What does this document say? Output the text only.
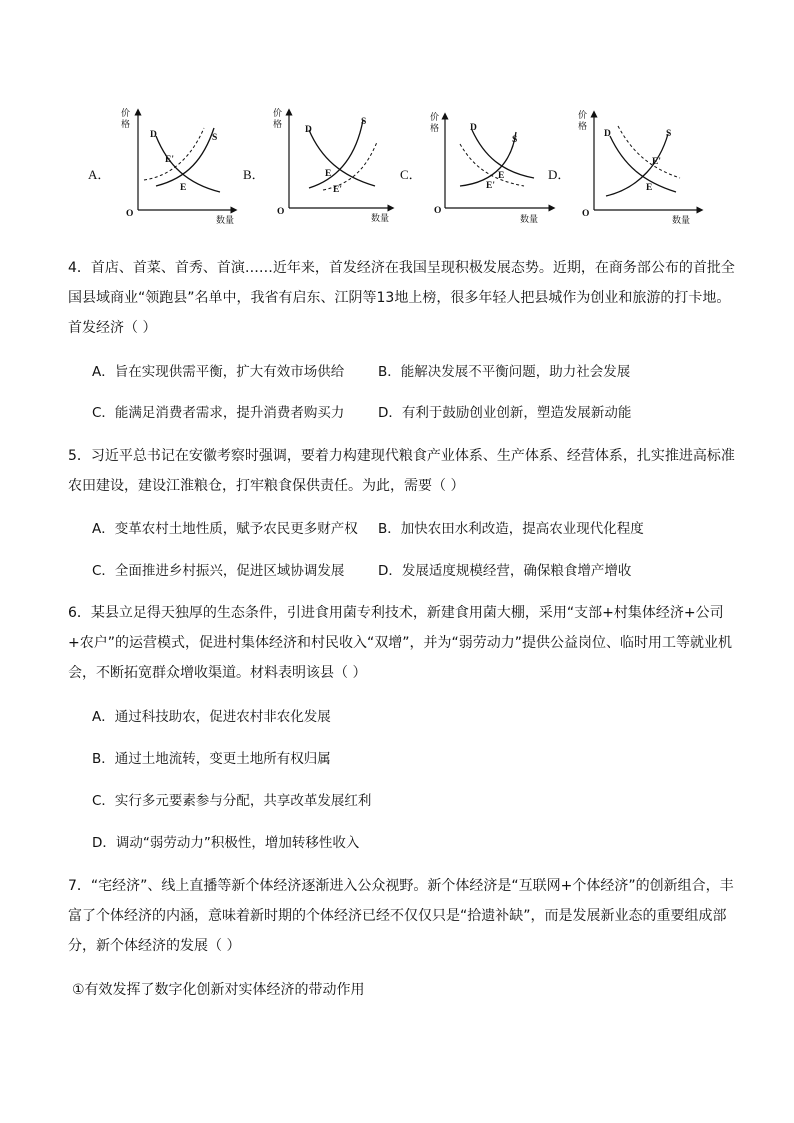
A．
价
格
数量
O
D	S
E
E'
B．
价
格
数量
O
D
S
E
E'
C．
价
格
数量
O
D
S
E
E'
D．
价
格
数量
O
D	S
E
E'
4．首店、首菜、首秀、首演……近年来，首发经济在我国呈现积极发展态势。近期，在商务部公布的首批全国县域商业“领跑县”名单中，我省有启东、江阴等13地上榜，很多年轻人把县城作为创业和旅游的打卡地。首发经济（ ）
A．旨在实现供需平衡，扩大有效市场供给	B．能解决发展不平衡问题，助力社会发展
C．能满足消费者需求，提升消费者购买力 D．有利于鼓励创业创新，塑造发展新动能
5．习近平总书记在安徽考察时强调，要着力构建现代粮食产业体系、生产体系、经营体系，扎实推进高标准农田建设，建设江淮粮仓，打牢粮食保供责任。为此，需要（ ）
A．变革农村土地性质，赋予农民更多财产权 B．加快农田水利改造，提高农业现代化程度
C．全面推进乡村振兴，促进区域协调发展 D．发展适度规模经营，确保粮食增产增收
6．某县立足得天独厚的生态条件，引进食用菌专利技术，新建食用菌大棚，采用“支部+村集体经济+公司+农户”的运营模式，促进村集体经济和村民收入“双增”，并为“弱劳动力”提供公益岗位、临时用工等就业机会，不断拓宽群众增收渠道。材料表明该县（ ）
A．通过科技助农，促进农村非农化发展
B．通过土地流转，变更土地所有权归属
C．实行多元要素参与分配，共享改革发展红利
D．调动“弱劳动力”积极性，增加转移性收入
7．“宅经济”、线上直播等新个体经济逐渐进入公众视野。新个体经济是“互联网+个体经济”的创新组合，丰富了个体经济的内涵，意味着新时期的个体经济已经不仅仅只是“拾遗补缺”，而是发展新业态的重要组成部分，新个体经济的发展（ ）
①有效发挥了数字化创新对实体经济的带动作用
